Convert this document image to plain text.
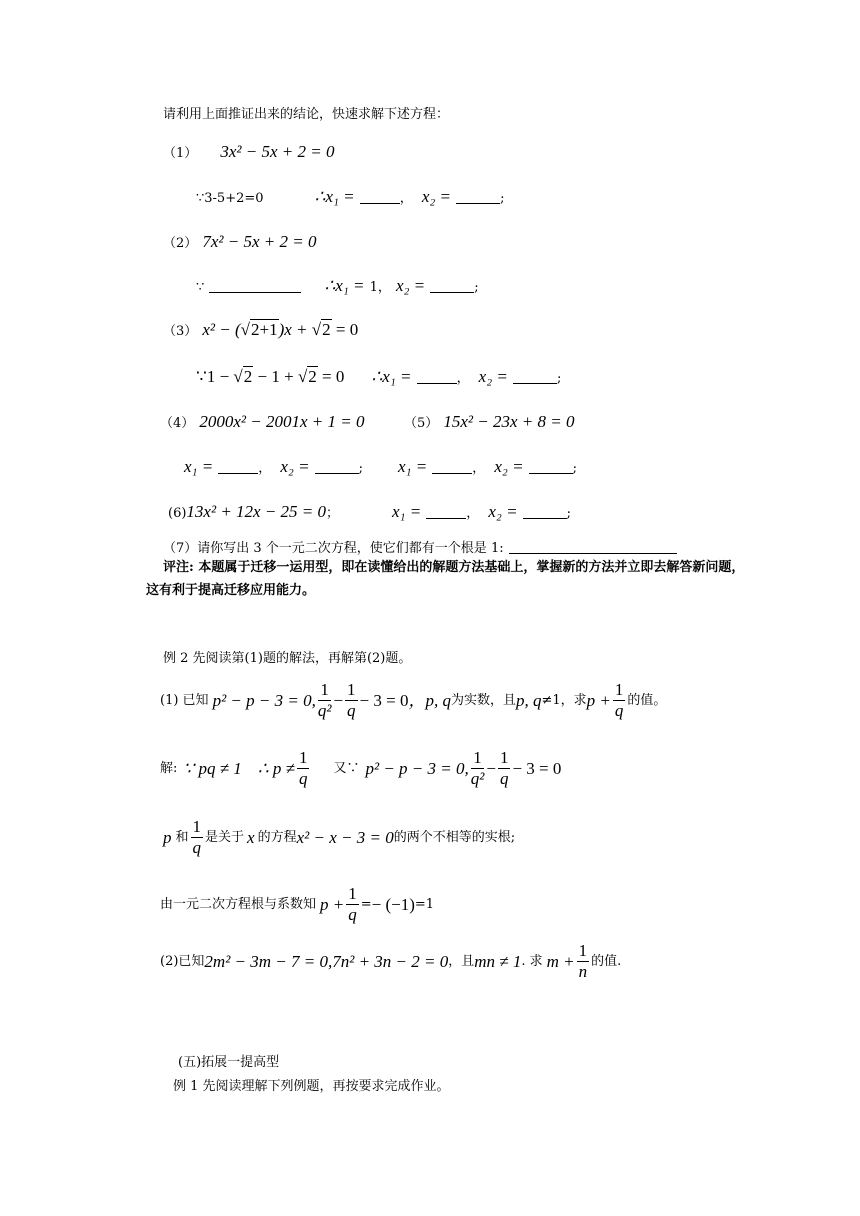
请利用上面推证出来的结论，快速求解下述方程：
（1） 3x² − 5x + 2 = 0
∵3-5+2=0	∴x₁ =	， x₂ =	;
（2） 7x² − 5x + 2 = 0
∵	∴x₁ = 1， x₂ =	;
（3） x² − (√2+1)x + √2 = 0
∵1 − √2 − 1 + √2 = 0 ∴x₁ =	， x₂ =	;
（4） 2000x² − 2001x + 1 = 0	（5） 15x² − 23x + 8 = 0
x₁ =	， x₂ =	; x₁ =	， x₂ =	;
(6)13x² + 12x − 25 = 0；	x₁ =	， x₂ =	;
（7）请你写出 3 个一元二次方程，使它们都有一个根是 1:
评注: 本题属于迁移一运用型，即在读懂给出的解题方法基础上，掌握新的方法并立即去解答新问题，
这有利于提高迁移应用能力。
例 2 先阅读第(1)题的解法，再解第(2)题。
(1) 已知 p² − p − 3 = 0, $\frac{1}{\text{q²}} - \frac{1}{q} - 3 = 0$ ，p, q 为实数，且 p, q ≠1，求 $p + \frac{1}{q}$ 的值。
解: ∵ pq ≠ 1 ∴ $p \ne \frac{1}{q}$ 又∵ p² − p − 3 = 0, $\frac{1}{\text{q²}} - \frac{1}{q} - 3 = 0$
p 和 $\frac{1}{q}$ 是关于 x 的方程 x² − x − 3 = 0 的两个不相等的实根;
由一元二次方程根与系数知 $p + \frac{1}{q}$ = − (−1) =1
(2)已知 2m² − 3m − 7 = 0,7n² + 3n − 2 = 0 ，且 mn ≠ 1 . 求 $m + \frac{1}{n}$ 的值.
(五)拓展一提高型
例 1 先阅读理解下列例题，再按要求完成作业。
